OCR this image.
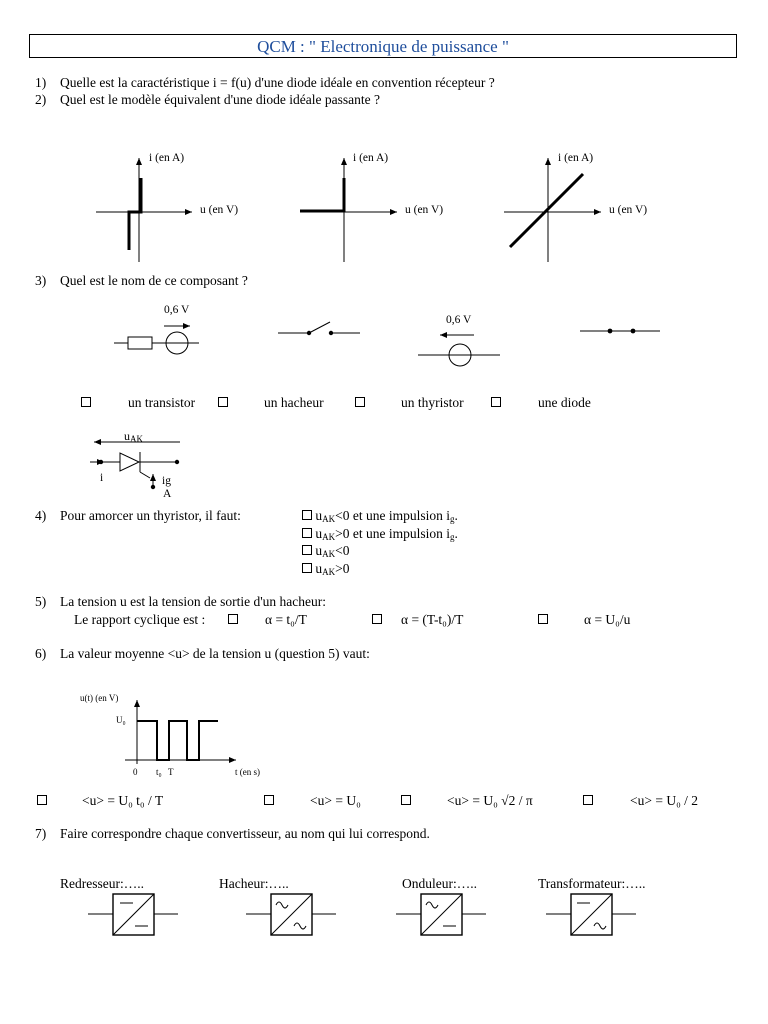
QCM : " Electronique de puissance "
1) Quelle est la caractéristique i = f(u) d'une diode idéale en convention récepteur ?
2) Quel est le modèle équivalent d'une diode idéale passante ?
i (en A)
u (en V)
i (en A)
u (en V)
i (en A)
u (en V)
3) Quel est le nom de ce composant ?
0,6 V
0,6 V
un transistor	un hacheur	un thyristor	une diode
$u_{AK}$
i	ig
A
4) Pour amorcer un thyristor, il faut:	$u_{AK}<0$ et une impulsion $i_g$.
$u_{AK}>0$ et une impulsion $i_g$.
$u_{AK}<0$
$u_{AK}>0$
5) La tension u est la tension de sortie d'un hacheur:
Le rapport cyclique est :	α = t₀/T	α = (T-t₀)/T	α = U₀/u
6) La valeur moyenne <u> de la tension u (question 5) vaut:
u(t) (en V)
U₀
0 t₀ T	t (en s)
<u> = U₀ t₀ / T	<u> = U₀	<u> = U₀ √2 / π	<u> = U₀ / 2
7) Faire correspondre chaque convertisseur, au nom qui lui correspond.
Redresseur:…..	Hacheur:…..	Onduleur:…..	Transformateur:…..
